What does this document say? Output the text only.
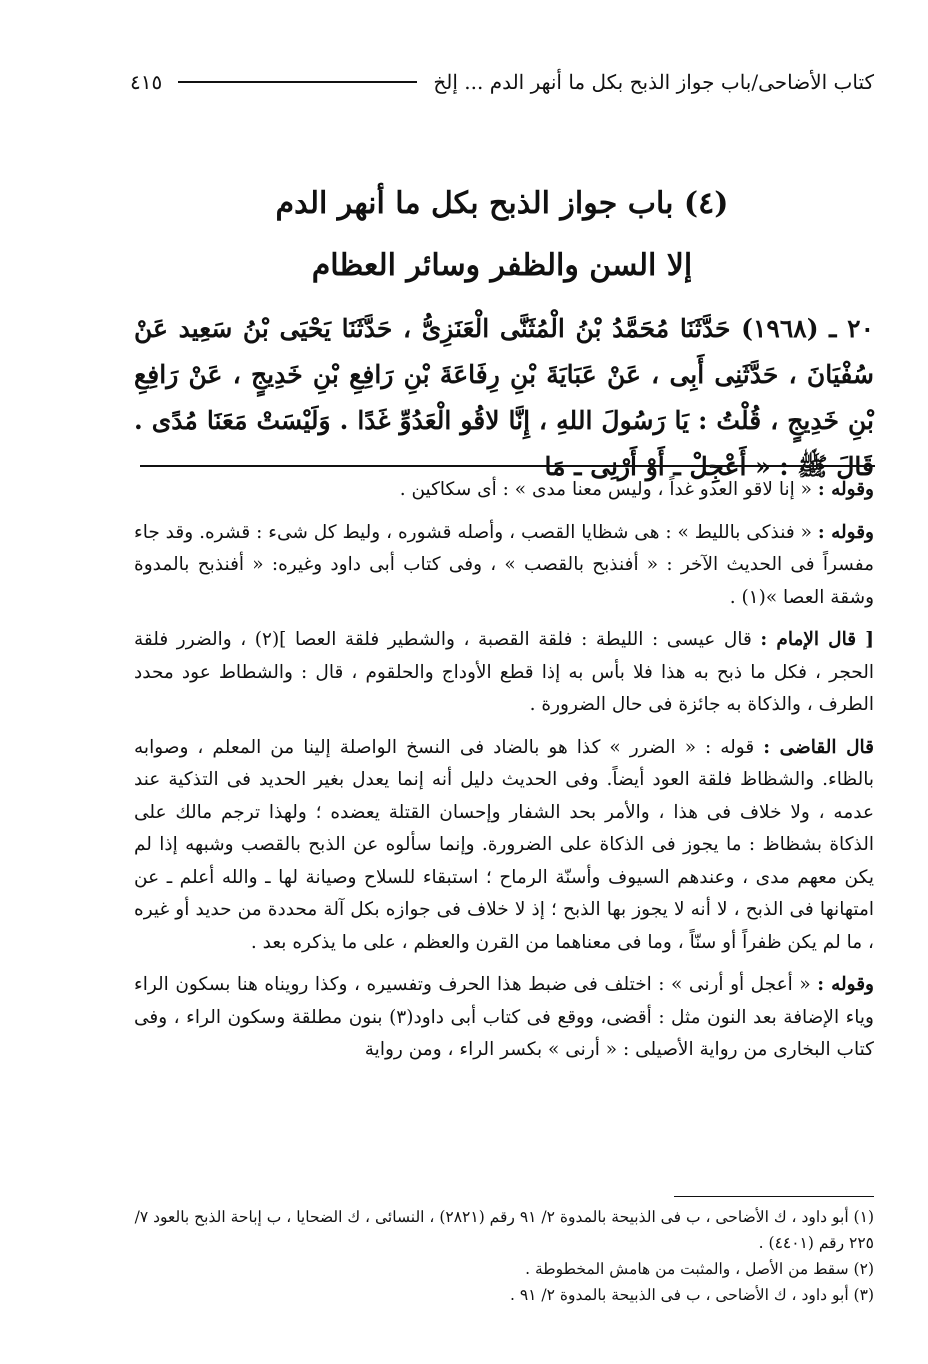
كتاب الأضاحى/باب جواز الذبح بكل ما أنهر الدم ... إلخ
٤١٥
(٤) باب جواز الذبح بكل ما أنهر الدم
إلا السن والظفر وسائر العظام

٢٠ ـ (١٩٦٨) حَدَّثَنَا مُحَمَّدُ بْنُ الْمُثَنَّى الْعَنَزِىُّ ، حَدَّثَنَا يَحْيَى بْنُ سَعِيد عَنْ سُفْيَانَ ، حَدَّثَنِى أَبِى ، عَنْ عَبَايَةَ بْنِ رِفَاعَةَ بْنِ رَافِعِ بْنِ خَدِيجٍ ، عَنْ رَافِعِ بْنِ خَدِيجٍ ، قُلْتُ : يَا رَسُولَ اللهِ ، إِنَّا لاقُو الْعَدُوِّ غَدًا . وَلَيْسَتْ مَعَنَا مُدًى . قَالَ ﷺ : « أَعْجِلْ ـ أَوْ أَرْنِى ـ مَا

وقوله : « إنا لاقو العدو غداً ، وليس معنا مدى » : أى سكاكين .

وقوله : « فنذكى بالليط » : هى شظايا القصب ، وأصله قشوره ، وليط كل شىء : قشره. وقد جاء مفسراً فى الحديث الآخر : « أفنذبح بالقصب » ، وفى كتاب أبى داود وغيره: « أفنذبح بالمدوة وشقة العصا »(١) .

[ قال الإمام : قال عيسى : الليطة : فلقة القصبة ، والشطير فلقة العصا ](٢) ، والضرر فلقة الحجر ، فكل ما ذبح به هذا فلا بأس به إذا قطع الأوداج والحلقوم ، قال : والشطاط عود محدد الطرف ، والذكاة به جائزة فى حال الضرورة .

قال القاضى : قوله : « الضرر » كذا هو بالضاد فى النسخ الواصلة إلينا من المعلم ، وصوابه بالظاء. والشظاظ فلقة العود أيضاً. وفى الحديث دليل أنه إنما يعدل بغير الحديد فى التذكية عند عدمه ، ولا خلاف فى هذا ، والأمر بحد الشفار وإحسان القتلة يعضده ؛ ولهذا ترجم مالك على الذكاة بشظاظ : ما يجوز فى الذكاة على الضرورة. وإنما سألوه عن الذبح بالقصب وشبهه إذا لم يكن معهم مدى ، وعندهم السيوف وأسنّة الرماح ؛ استبقاء للسلاح وصيانة لها ـ والله أعلم ـ عن امتهانها فى الذبح ، لا أنه لا يجوز بها الذبح ؛ إذ لا خلاف فى جوازه بكل آلة محددة من حديد أو غيره ، ما لم يكن ظفراً أو سنّاً ، وما فى معناهما من القرن والعظم ، على ما يذكره بعد .

وقوله : « أعجل أو أرنى » : اختلف فى ضبط هذا الحرف وتفسيره ، وكذا رويناه هنا بسكون الراء وياء الإضافة بعد النون مثل : أقضى، ووقع فى كتاب أبى داود(٣) بنون مطلقة وسكون الراء ، وفى كتاب البخارى من رواية الأصيلى : « أرنى » بكسر الراء ، ومن رواية

(١) أبو داود ، ك الأضاحى ، ب فى الذبيحة بالمدوة ٢/ ٩١ رقم (٢٨٢١) ، النسائى ، ك الضحايا ، ب إباحة الذبح بالعود ٧/ ٢٢٥ رقم (٤٤٠١) .

(٢) سقط من الأصل ، والمثبت من هامش المخطوطة .

(٣) أبو داود ، ك الأضاحى ، ب فى الذبيحة بالمدوة ٢/ ٩١ .
